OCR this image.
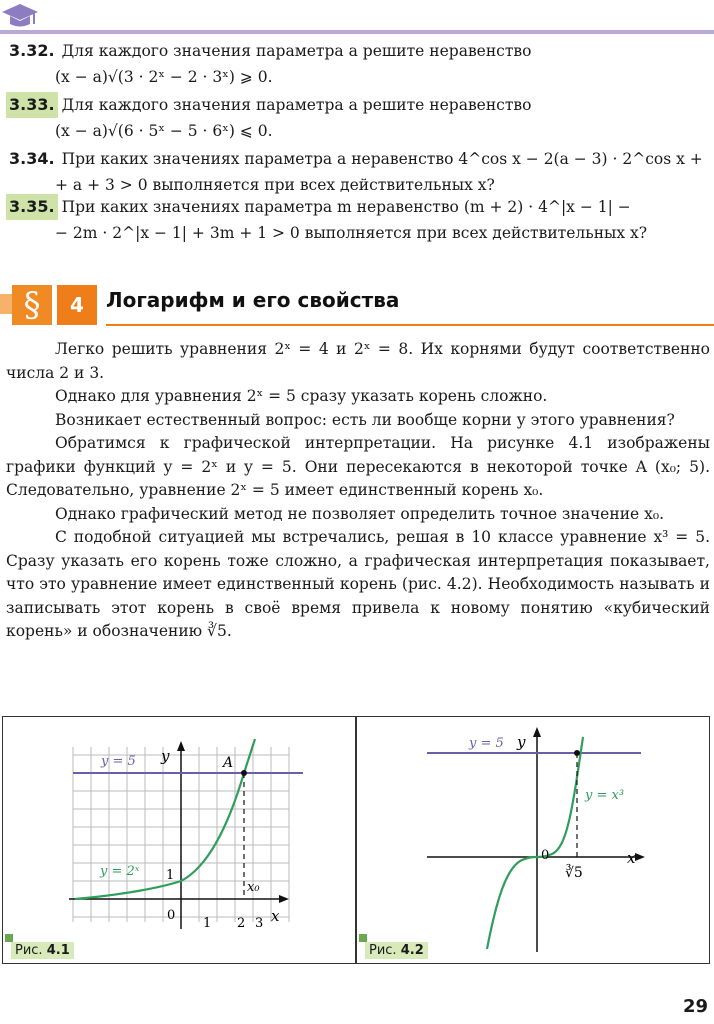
3.32. Для каждого значения параметра a решите неравенство
(x − a)√(3 · 2ˣ − 2 · 3ˣ) ⩾ 0.
3.33. Для каждого значения параметра a решите неравенство
(x − a)√(6 · 5ˣ − 5 · 6ˣ) ⩽ 0.
3.34. При каких значениях параметра a неравенство 4^cos x − 2(a − 3) · 2^cos x +
+ a + 3 > 0 выполняется при всех действительных x?
3.35. При каких значениях параметра m неравенство (m + 2) · 4^|x − 1| −
− 2m · 2^|x − 1| + 3m + 1 > 0 выполняется при всех действительных x?
§	4	Логарифм и его свойства

Легко решить уравнения 2ˣ = 4 и 2ˣ = 8. Их корнями будут соответственно числа 2 и 3.

Однако для уравнения 2ˣ = 5 сразу указать корень сложно.

Возникает естественный вопрос: есть ли вообще корни у этого уравнения?

Обратимся к графической интерпретации. На рисунке 4.1 изображены графики функций y = 2ˣ и y = 5. Они пересекаются в некоторой точке A (x₀; 5). Следовательно, уравнение 2ˣ = 5 имеет единственный корень x₀.

Однако графический метод не позволяет определить точное значение x₀.

С подобной ситуацией мы встречались, решая в 10 классе уравнение x³ = 5. Сразу указать его корень тоже сложно, а графическая интерпретация показывает, что это уравнение имеет единственный корень (рис. 4.2). Необходимость называть и записывать этот корень в своё время привела к новому понятию «кубический корень» и обозначению ∛5.

y = 5
y = 2ˣ
y
x
A
x₀
0
1 2 3
1
Рис. 4.1
y = 5
y = x³
y
x
0
∛5
Рис. 4.2
29
